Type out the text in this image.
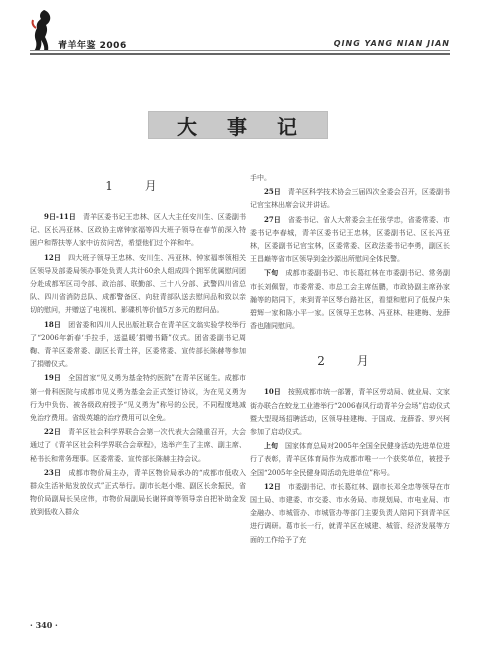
青羊年鉴 2006	QING YANG NIAN JIAN
大 事 记
1 月

9日-11日  青羊区委书记王忠林、区人大主任安川生、区委副书记、区长冯亚林、区政协主席钟家福等四大班子领导在春节前深入特困户和帮扶等人家中访贫问苦，希望他们过个祥和年。

12日  四大班子领导王忠林、安川生、冯亚林、钟家福率领相关区领导及部委局领办事处负责人共计60余人组成四个拥军优属慰问团分赴成都军区司令部、政治部、联勤部、三十八分部、武警四川省总队、四川省消防总队、成都警备区、向驻青部队送去慰问品和致以亲切的慰问，并赠送了电视机、影碟机等价值5万多元的慰问品。

18日  团省委和四川人民出版社联合在青羊区文翁实验学校举行了“2006年新春‘手拉手，送温暖’捐赠书籍”仪式。团省委副书记周鞠、青羊区委常委、副区长青土祥，区委常委、宣传部长陈赫等参加了捐赠仪式。

19日  全国首家“见义勇为基金特约医院”在青羊区诞生。成都市第一骨科医院与成都市见义勇为基金会正式签订协议，为在见义勇为行为中负伤、被各级政府授予“见义勇为”称号的公民，不同程度地减免治疗费用。省级英雄的治疗费用可以全免。

22日  青羊区社会科学界联合会第一次代表大会隆重召开，大会通过了《青羊区社会科学界联合会章程》，选举产生了主席、副主席、秘书长和常务理事。区委常委、宣传部长陈赫主持会议。

23日  成都市物价局主办，青羊区物价局承办的“成都市低收入群众生活补贴发放仪式”正式举行。副市长赵小维、副区长余振民，省物价局副局长吴应伟，市物价局副局长谢祥商等领导亲自把补助金发放到低收入群众

手中。

25日  青羊区科学技术协会三届四次全委会召开，区委副书记官宝林出席会议并讲话。

27日  省委书记、省人大常委会主任张学忠，省委常委、市委书记李春城，青羊区委书记王忠林，区委副书记、区长冯亚林，区委副书记官宝林，区委常委、区政法委书记李勇，副区长王昌巅等省市区领导到金沙源出所慰问全体民警。

下旬  成都市委副书记、市长葛红林在市委副书记、常务副市长刘佩智，市委常委、市总工会主席伍鹏，市政协副主席孙家瀚等的陪同下，来到青羊区琴台路社区，看望和慰问了低保户朱碧辉一家和陈小平一家。区领导王忠林、冯亚林、桂建梅、龙薛香也随同慰问。

2 月

10日  按照成都市统一部署，青羊区劳动局、就业局、文家街办联合在蛟龙工业港举行“2006春风行动青羊分会场”启动仪式暨大型现场招聘活动，区领导桂建梅、于国成、龙薛香、罗兴柯参加了启动仪式。

上旬  国家体育总局对2005年全国全民健身活动先进单位进行了表彰，青羊区体育局作为成都市唯一一个获奖单位，被授予全国“2005年全民健身周活动先进单位”称号。

12日  市委副书记、市长葛红林、副市长邓全忠等领导在市国土局、市建委、市交委、市水务局、市规划局、市电业局、市金融办、市城管办、市城管办等部门主要负责人陪同下到青羊区进行调研。葛市长一行，就青羊区在城建、城管、经济发展等方面的工作给予了充

· 340 ·
